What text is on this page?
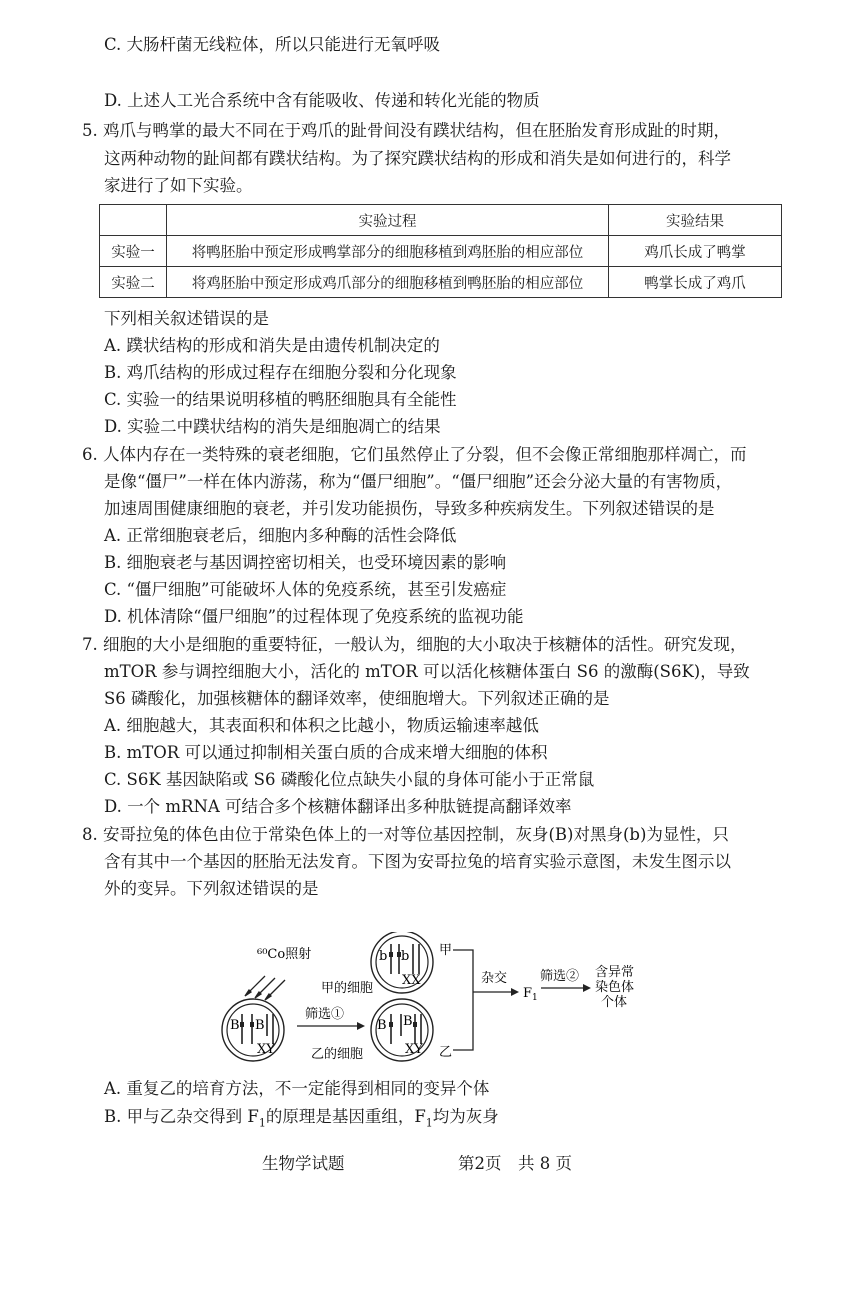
C. 大肠杆菌无线粒体，所以只能进行无氧呼吸
D. 上述人工光合系统中含有能吸收、传递和转化光能的物质
5. 鸡爪与鸭掌的最大不同在于鸡爪的趾骨间没有蹼状结构，但在胚胎发育形成趾的时期，
这两种动物的趾间都有蹼状结构。为了探究蹼状结构的形成和消失是如何进行的，科学
家进行了如下实验。
	实验过程	实验结果
实验一	将鸭胚胎中预定形成鸭掌部分的细胞移植到鸡胚胎的相应部位	鸡爪长成了鸭掌
实验二	将鸡胚胎中预定形成鸡爪部分的细胞移植到鸭胚胎的相应部位	鸭掌长成了鸡爪
下列相关叙述错误的是
A. 蹼状结构的形成和消失是由遗传机制决定的
B. 鸡爪结构的形成过程存在细胞分裂和分化现象
C. 实验一的结果说明移植的鸭胚细胞具有全能性
D. 实验二中蹼状结构的消失是细胞凋亡的结果
6. 人体内存在一类特殊的衰老细胞，它们虽然停止了分裂，但不会像正常细胞那样凋亡，而
是像“僵尸”一样在体内游荡，称为“僵尸细胞”。“僵尸细胞”还会分泌大量的有害物质，
加速周围健康细胞的衰老，并引发功能损伤，导致多种疾病发生。下列叙述错误的是
A. 正常细胞衰老后，细胞内多种酶的活性会降低
B. 细胞衰老与基因调控密切相关，也受环境因素的影响
C. “僵尸细胞”可能破坏人体的免疫系统，甚至引发癌症
D. 机体清除“僵尸细胞”的过程体现了免疫系统的监视功能
7. 细胞的大小是细胞的重要特征，一般认为，细胞的大小取决于核糖体的活性。研究发现，
mTOR 参与调控细胞大小，活化的 mTOR 可以活化核糖体蛋白 S6 的激酶(S6K)，导致
S6 磷酸化，加强核糖体的翻译效率，使细胞增大。下列叙述正确的是
A. 细胞越大，其表面积和体积之比越小，物质运输速率越低
B. mTOR 可以通过抑制相关蛋白质的合成来增大细胞的体积
C. S6K 基因缺陷或 S6 磷酸化位点缺失小鼠的身体可能小于正常鼠
D. 一个 mRNA 可结合多个核糖体翻译出多种肽链提高翻译效率
8. 安哥拉兔的体色由位于常染色体上的一对等位基因控制，灰身(B)对黑身(b)为显性，只
含有其中一个基因的胚胎无法发育。下图为安哥拉兔的培育实验示意图，未发生图示以
外的变异。下列叙述错误的是
⁶⁰Co照射
B B
XY
筛选①
乙的细胞
b b
XX
甲
甲的细胞
B B
XY 乙
杂交
$F_1$
筛选② 含异常
染色体
个体
A. 重复乙的培育方法，不一定能得到相同的变异个体
B. 甲与乙杂交得到 $F_1$的原理是基因重组，$F_1$均为灰身
生物学试题	第2页　共 8 页
